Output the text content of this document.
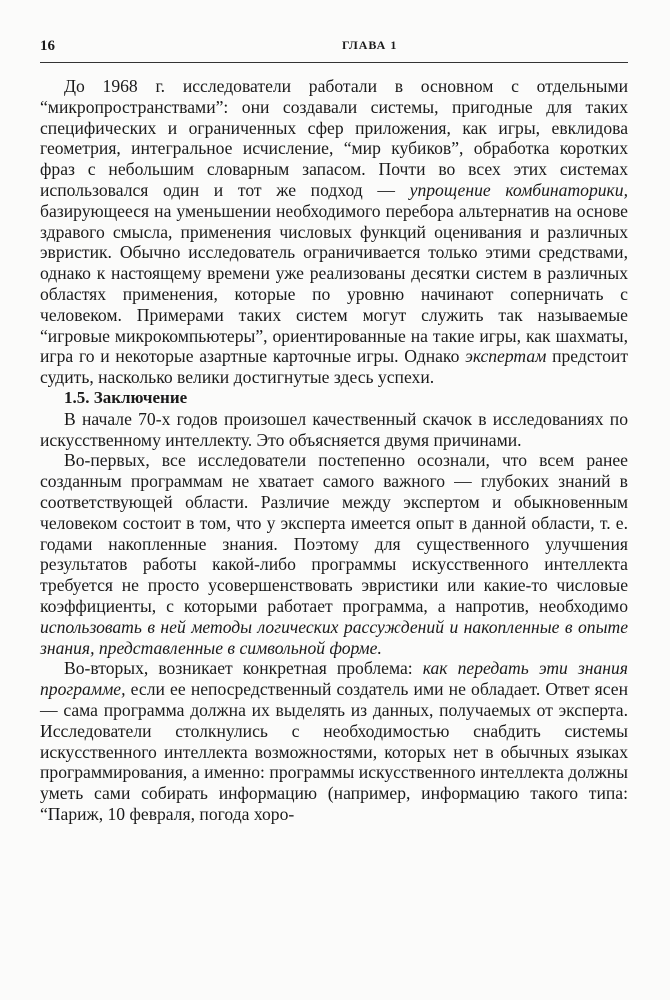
16	ГЛАВА 1

До 1968 г. исследователи работали в основном с отдельными “микропространствами”: они создавали системы, пригодные для таких специфических и ограниченных сфер приложения, как игры, евклидова геометрия, интегральное исчисление, “мир кубиков”, обработка коротких фраз с небольшим словарным запасом. Почти во всех этих системах использовался один и тот же подход — упрощение комбинаторики, базирующееся на уменьшении необходимого перебора альтернатив на основе здравого смысла, применения числовых функций оценивания и различных эвристик. Обычно исследователь ограничивается только этими средствами, однако к настоящему времени уже реализованы десятки систем в различных областях применения, которые по уровню начинают соперничать с человеком. Примерами таких систем могут служить так называемые “игровые микрокомпьютеры”, ориентированные на такие игры, как шахматы, игра го и некоторые азартные карточные игры. Однако экспертам предстоит судить, насколько велики достигнутые здесь успехи.

1.5. Заключение

В начале 70-х годов произошел качественный скачок в исследованиях по искусственному интеллекту. Это объясняется двумя причинами.

Во-первых, все исследователи постепенно осознали, что всем ранее созданным программам не хватает самого важного — глубоких знаний в соответствующей области. Различие между экспертом и обыкновенным человеком состоит в том, что у эксперта имеется опыт в данной области, т. е. годами накопленные знания. Поэтому для существенного улучшения результатов работы какой-либо программы искусственного интеллекта требуется не просто усовершенствовать эвристики или какие-то числовые коэффициенты, с которыми работает программа, а напротив, необходимо использовать в ней методы логических рассуждений и накопленные в опыте знания, представленные в символьной форме.

Во-вторых, возникает конкретная проблема: как передать эти знания программе, если ее непосредственный создатель ими не обладает. Ответ ясен — сама программа должна их выделять из данных, получаемых от эксперта. Исследователи столкнулись с необходимостью снабдить системы искусственного интеллекта возможностями, которых нет в обычных языках программирования, а именно: программы искусственного интеллекта должны уметь сами собирать информацию (например, информацию такого типа: “Париж, 10 февраля, погода хоро-
